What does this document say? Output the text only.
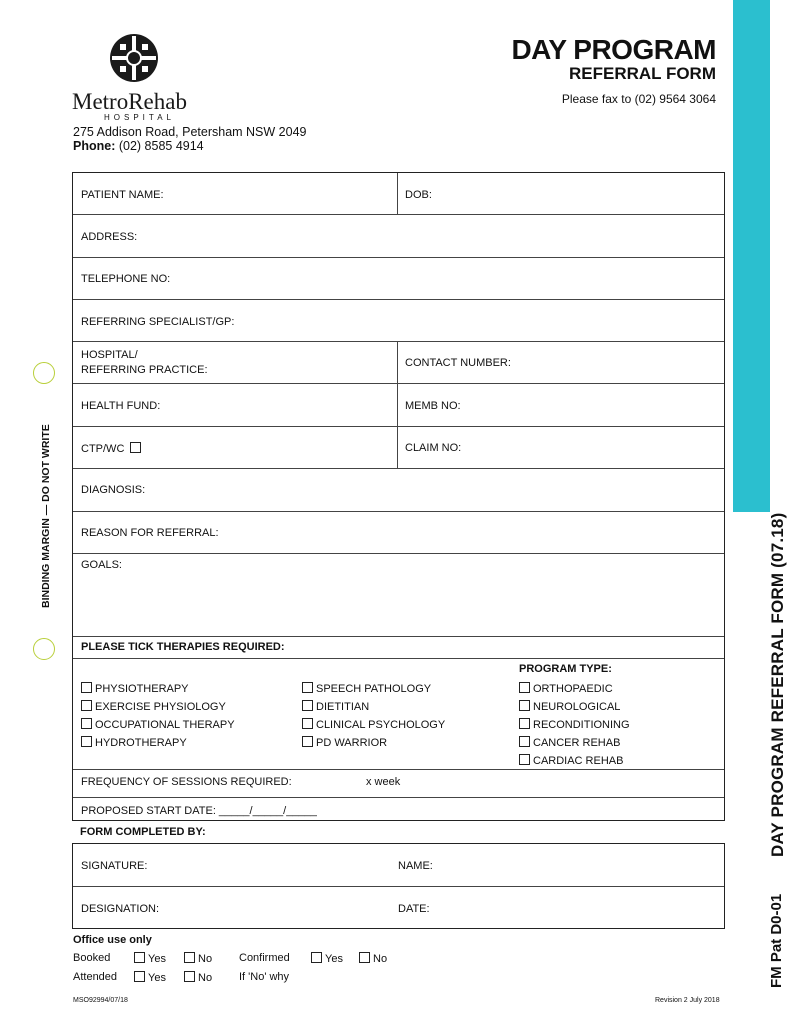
DAY PROGRAM REFERRAL FORM (07.18)
FM Pat D0-01
BINDING MARGIN — DO NOT WRITE
MetroRehab
HOSPITAL
275 Addison Road, Petersham NSW 2049
Phone: (02) 8585 4914
DAY PROGRAM
REFERRAL FORM
Please fax to (02) 9564 3064
PATIENT NAME:	DOB:
ADDRESS:
TELEPHONE NO:
REFERRING SPECIALIST/GP:
HOSPITAL/
REFERRING PRACTICE:
CONTACT NUMBER:
HEALTH FUND:	MEMB NO:
CTP/WC	CLAIM NO:
DIAGNOSIS:
REASON FOR REFERRAL:
GOALS:
PLEASE TICK THERAPIES REQUIRED:
PROGRAM TYPE:
PHYSIOTHERAPY
EXERCISE PHYSIOLOGY
OCCUPATIONAL THERAPY
HYDROTHERAPY
SPEECH PATHOLOGY
DIETITIAN
CLINICAL PSYCHOLOGY
PD WARRIOR
ORTHOPAEDIC
NEUROLOGICAL
RECONDITIONING
CANCER REHAB
CARDIAC REHAB
FREQUENCY OF SESSIONS REQUIRED:	x week
PROPOSED START DATE: _____/_____/_____
FORM COMPLETED BY:
SIGNATURE:	NAME:
DESIGNATION:	DATE:
Office use only
Booked	Yes	No Confirmed	Yes	No
Attended	Yes	No If 'No' why
MSO92994/07/18	Revision 2 July 2018
